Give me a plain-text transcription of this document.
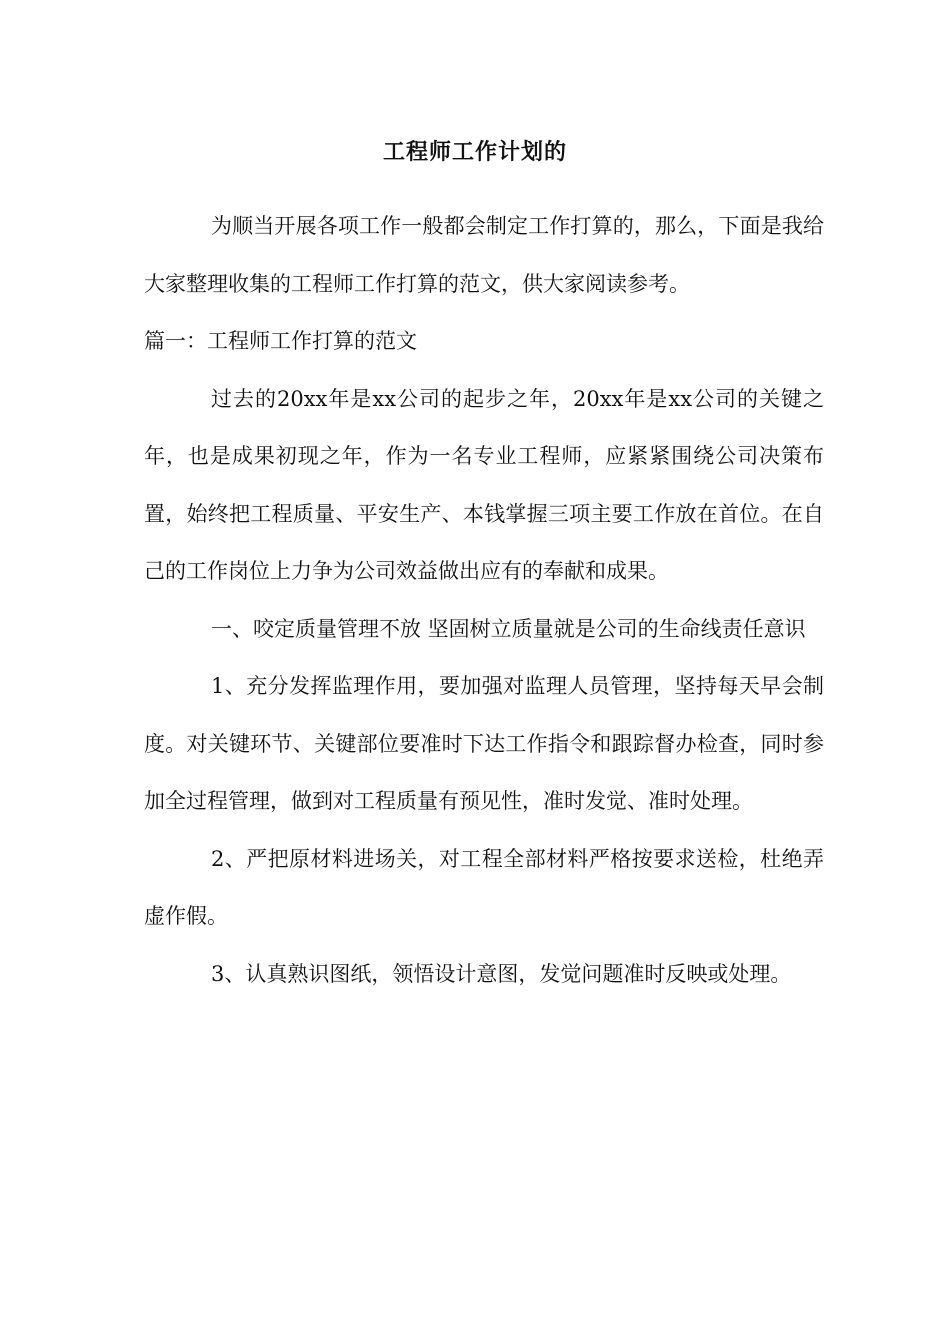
工程师工作计划的

为顺当开展各项工作一般都会制定工作打算的，那么，下面是我给大家整理收集的工程师工作打算的范文，供大家阅读参考。

篇一：工程师工作打算的范文

过去的20xx年是xx公司的起步之年，20xx年是xx公司的关键之年，也是成果初现之年，作为一名专业工程师，应紧紧围绕公司决策布置，始终把工程质量、平安生产、本钱掌握三项主要工作放在首位。在自己的工作岗位上力争为公司效益做出应有的奉献和成果。

一、咬定质量管理不放 坚固树立质量就是公司的生命线责任意识

1、充分发挥监理作用，要加强对监理人员管理，坚持每天早会制度。对关键环节、关键部位要准时下达工作指令和跟踪督办检查，同时参加全过程管理，做到对工程质量有预见性，准时发觉、准时处理。

2、严把原材料进场关，对工程全部材料严格按要求送检，杜绝弄虚作假。

3、认真熟识图纸，领悟设计意图，发觉问题准时反映或处理。
